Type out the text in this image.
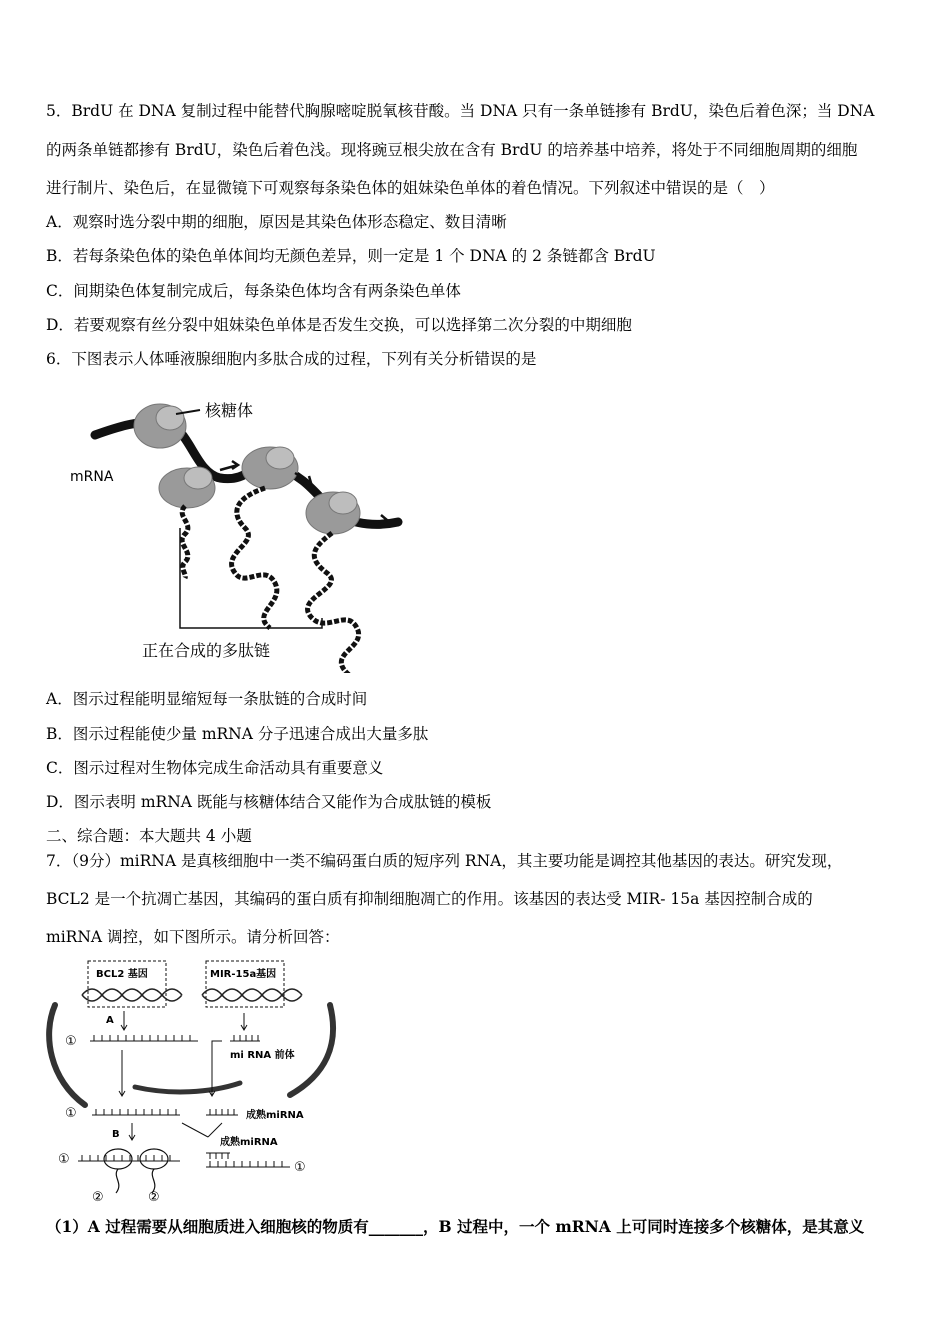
5．BrdU 在 DNA 复制过程中能替代胸腺嘧啶脱氧核苷酸。当 DNA 只有一条单链掺有 BrdU，染色后着色深；当 DNA
的两条单链都掺有 BrdU，染色后着色浅。现将豌豆根尖放在含有 BrdU 的培养基中培养，将处于不同细胞周期的细胞
进行制片、染色后，在显微镜下可观察每条染色体的姐妹染色单体的着色情况。下列叙述中错误的是（　）
A．观察时选分裂中期的细胞，原因是其染色体形态稳定、数目清晰
B．若每条染色体的染色单体间均无颜色差异，则一定是 1 个 DNA 的 2 条链都含 BrdU
C．间期染色体复制完成后，每条染色体均含有两条染色单体
D．若要观察有丝分裂中姐妹染色单体是否发生交换，可以选择第二次分裂的中期细胞
6．下图表示人体唾液腺细胞内多肽合成的过程，下列有关分析错误的是
核糖体
mRNA
正在合成的多肽链
A．图示过程能明显缩短每一条肽链的合成时间
B．图示过程能使少量 mRNA 分子迅速合成出大量多肽
C．图示过程对生物体完成生命活动具有重要意义
D．图示表明 mRNA 既能与核糖体结合又能作为合成肽链的模板
二、综合题：本大题共 4 小题
7．（9分）miRNA 是真核细胞中一类不编码蛋白质的短序列 RNA，其主要功能是调控其他基因的表达。研究发现，
BCL2 是一个抗凋亡基因，其编码的蛋白质有抑制细胞凋亡的作用。该基因的表达受 MIR- 15a 基因控制合成的
miRNA 调控，如下图所示。请分析回答：
BCL2 基因	MIR-15a基因
A
①
mi RNA 前体
①	成熟miRNA
B
成熟miRNA
①
②	②
①
（1）A 过程需要从细胞质进入细胞核的物质有_______，B 过程中，一个 mRNA 上可同时连接多个核糖体，是其意义
